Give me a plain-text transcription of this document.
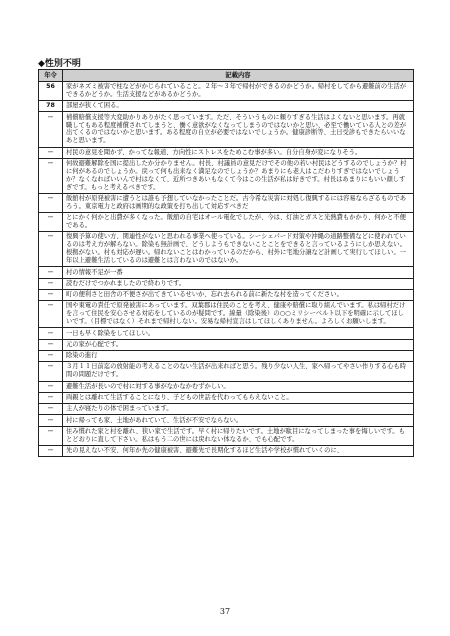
◆性別不明
年令	記載内容
56	家がネズミ被害で柱などがかじられていること。２年～３年で帰村ができるのかどうか。帰村をしてから避難前の生活ができるかどうか。生活支援などがあるかどうか。
78	部屋が狭くて困る。
－	補償賠償支援等大変助かりありがたく思っています。ただ、そういうものに頼りすぎる生活はよくないと思います。再就職してもある程度補償されてしまうと、働く意欲がなくなってしまうのではないかと思い、必至で働いている人との差が出てくるのではないかと思います。ある程度の自立が必要ではないでしょうか。健康診断等、土日受診もできたらいいなあと思います。
－	村民の意見を聞かず、かってな報道、方向性にストレスをためこむ事が多い。自分自身が変になりそう。
－	何故避難解除を国に提出したか分かりません。村長、村議員の意見だけでその他の若い村民はどうするのでしょうか？村に何があるのでしょうか。戻って何も出来なく満足なのでしょうか？あまりにも老人はこだわりすぎではないでしょうか？なくなればいいんで村はなくて、近所つきあいもなくて今はこの生活が私は好きです。村長はあまりにもいい顔しすぎです。もっと考えるべきです。
－	飯舘村が原発被害に遭うとは誰も予想していなかったことだ。古今希な災害に対処し復興するには容易ならざるものであろう。東京電力と政府は画期的な政策を打ち出して対応すべきだ
－	とにかく何かと出費が多くなった。飯舘の自宅はオール電化でしたが、今は、灯油とガスと光熱費もかかり、何かと不便である。
－	復興予算の使い方、関連性がないと思われる事業へ使っている。シーシェパード対策や沖縄の道路整備などに使われているのは考え方が解らない。除染も無計画で、どうしようもできないことことをできると言っているようにしか思えない。根拠がない。村も対応が遅い。帰れないことはわかっているのだから、村外に宅地分譲など計画して実行してほしい。一年以上避難生活しているのは避難とは言わないのではないか。
－	村の情報不足が一番
－	読むだけでつかれましたので終わりです。
－	町の便利さと田舎の不便さが出てきているせいか、忘れ去られる前に新たな村を造ってください。
－	国や東電の責任で原発被害にあっています。双葉郡は住民のことを考え、健康や賠償に取り組んでいます。私は帰村だけを言って住民を安心させる対応をしているのが疑問です。線量（除染後）の○○ミリシーベルト以下を明確に示してほしいです。（目標ではなく）それまで帰村しない。安易な帰村宣言はしてほしくありません。よろしくお願いします。
－	一日も早く除染をしてほしい。
－	元の家が心配です。
－	除染の進行
－	３月１１日前迄の放射能の考えることのない生活が出来ればと思う。残り少ない人生、家へ帰ってやさい作りする心も時間の問題だけです。
－	避難生活が長いので村に対する事がなかなかむずかしい。
－	両親とは離れて生活することになり、子どもの世話を代わってもらえないこと。
－	主人が寝たりの体で困まっています。
－	村に帰っても家、土地があれていて、生活が不安でならない。
－	住み慣れた家と村を離れ、狭い家で生活です。早く村に帰りたいです。土地が駄目になってしまった事を悔しいです。もとどおりに直して下さい。私はもう二の世には戻れない体なるか、でも心配です。
－	先の見えない不安、何年か先の健康被害、避難先で長期化するほど生活や学校が慣れていくのに、
37
